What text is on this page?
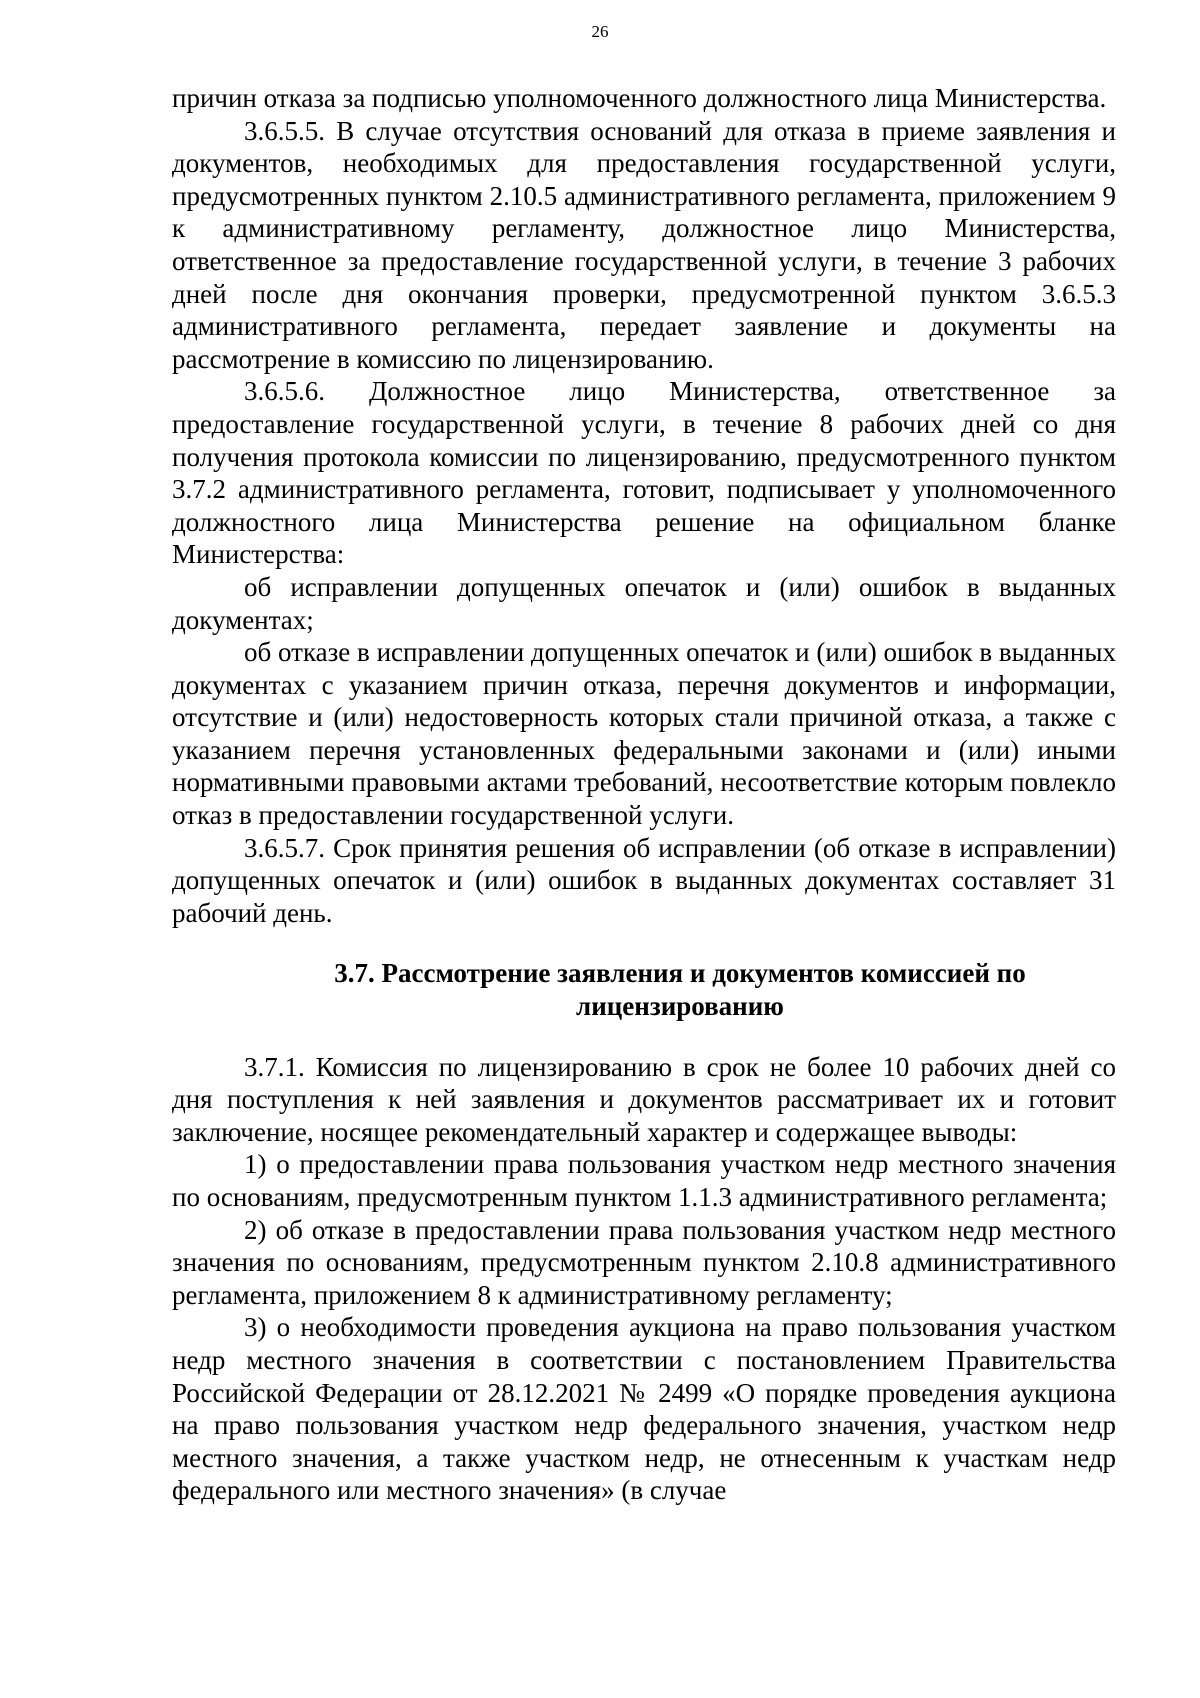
26

причин отказа за подписью уполномоченного должностного лица Министерства.

3.6.5.5. В случае отсутствия оснований для отказа в приеме заявления и документов, необходимых для предоставления государственной услуги, предусмотренных пунктом 2.10.5 административного регламента, приложением 9 к административному регламенту, должностное лицо Министерства, ответственное за предоставление государственной услуги, в течение 3 рабочих дней после дня окончания проверки, предусмотренной пунктом 3.6.5.3 административного регламента, передает заявление и документы на рассмотрение в комиссию по лицензированию.

3.6.5.6. Должностное лицо Министерства, ответственное за предоставление государственной услуги, в течение 8 рабочих дней со дня получения протокола комиссии по лицензированию, предусмотренного пунктом 3.7.2 административного регламента, готовит, подписывает у уполномоченного должностного лица Министерства решение на официальном бланке Министерства:

об исправлении допущенных опечаток и (или) ошибок в выданных документах;

об отказе в исправлении допущенных опечаток и (или) ошибок в выданных документах с указанием причин отказа, перечня документов и информации, отсутствие и (или) недостоверность которых стали причиной отказа, а также с указанием перечня установленных федеральными законами и (или) иными нормативными правовыми актами требований, несоответствие которым повлекло отказ в предоставлении государственной услуги.

3.6.5.7. Срок принятия решения об исправлении (об отказе в исправлении) допущенных опечаток и (или) ошибок в выданных документах составляет 31 рабочий день.

3.7. Рассмотрение заявления и документов комиссией по
лицензированию

3.7.1. Комиссия по лицензированию в срок не более 10 рабочих дней со дня поступления к ней заявления и документов рассматривает их и готовит заключение, носящее рекомендательный характер и содержащее выводы:

1) о предоставлении права пользования участком недр местного значения по основаниям, предусмотренным пунктом 1.1.3 административного регламента;

2) об отказе в предоставлении права пользования участком недр местного значения по основаниям, предусмотренным пунктом 2.10.8 административного регламента, приложением 8 к административному регламенту;

3) о необходимости проведения аукциона на право пользования участком недр местного значения в соответствии с постановлением Правительства Российской Федерации от 28.12.2021 № 2499 «О порядке проведения аукциона на право пользования участком недр федерального значения, участком недр местного значения, а также участком недр, не отнесенным к участкам недр федерального или местного значения» (в случае
